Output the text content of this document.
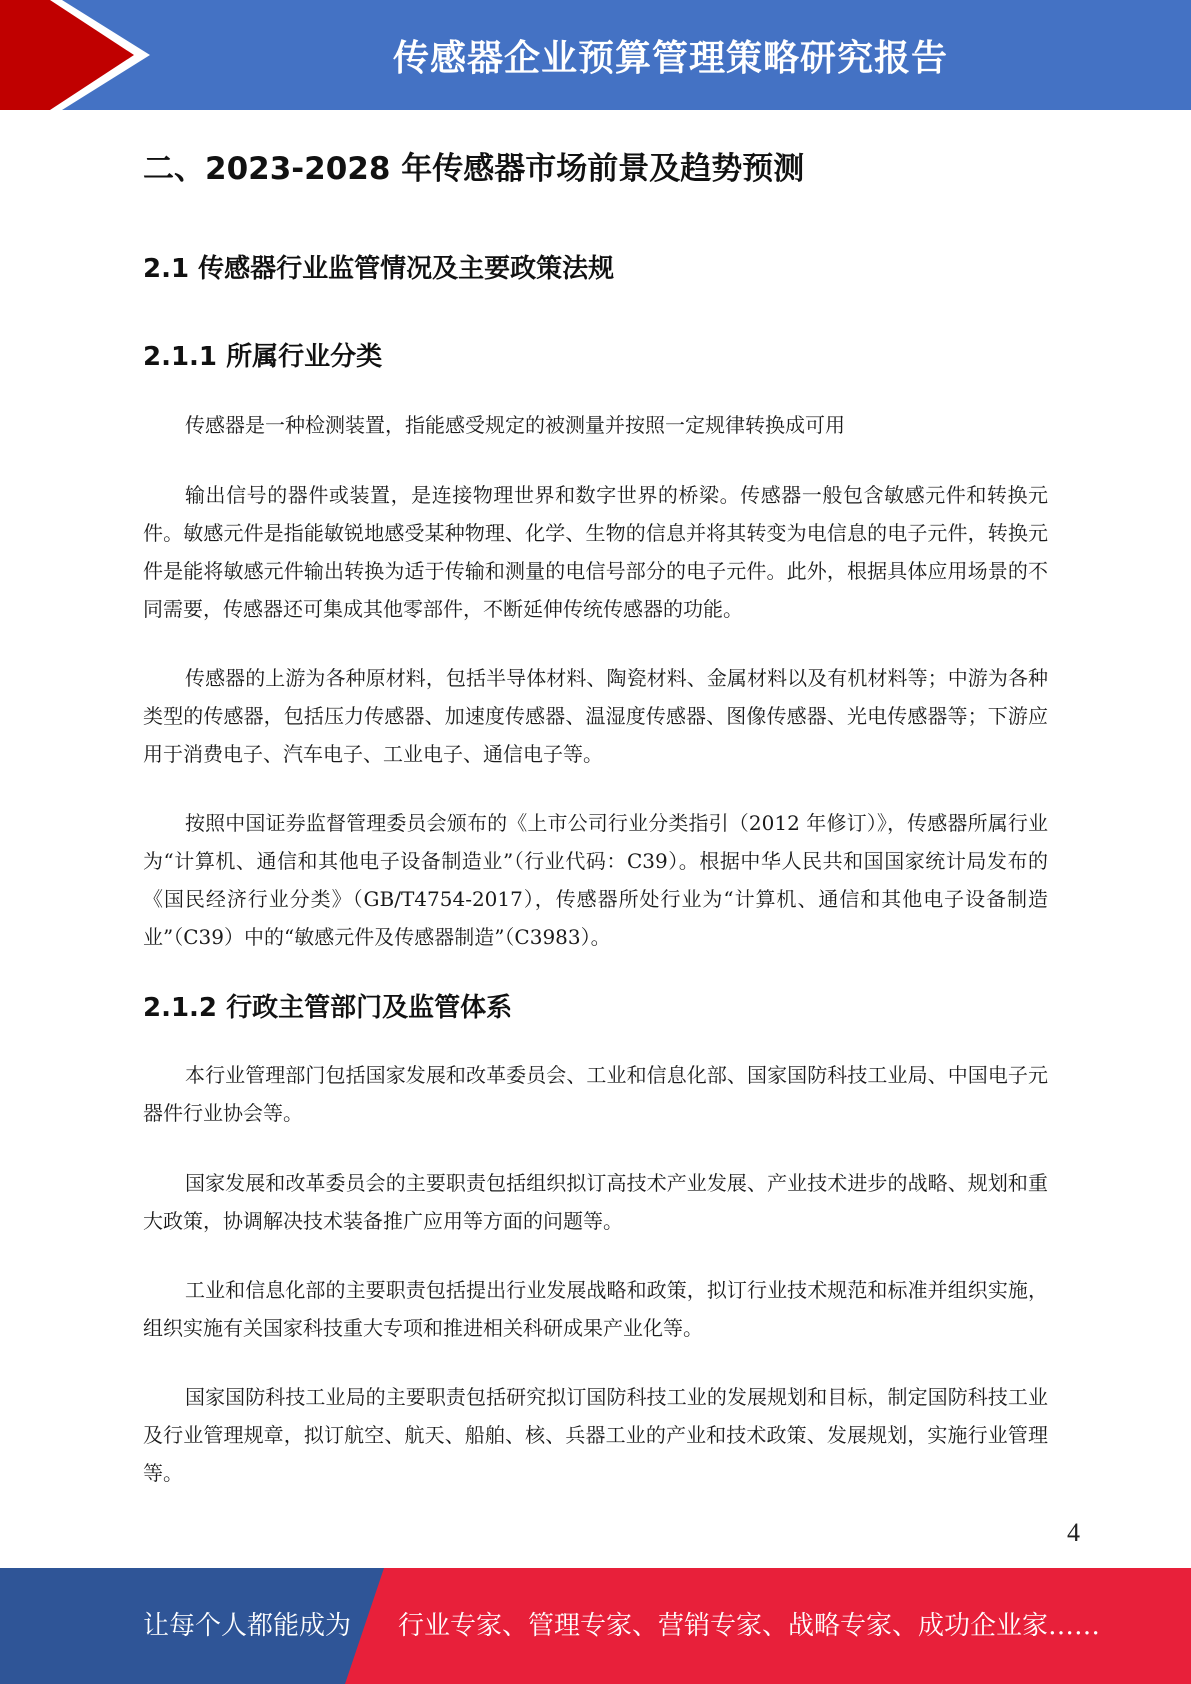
传感器企业预算管理策略研究报告
二、2023-2028 年传感器市场前景及趋势预测
2.1 传感器行业监管情况及主要政策法规
2.1.1 所属行业分类

传感器是一种检测装置，指能感受规定的被测量并按照一定规律转换成可用

输出信号的器件或装置，是连接物理世界和数字世界的桥梁。传感器一般包含敏感元件和转换元件。敏感元件是指能敏锐地感受某种物理、化学、生物的信息并将其转变为电信息的电子元件，转换元件是能将敏感元件输出转换为适于传输和测量的电信号部分的电子元件。此外，根据具体应用场景的不同需要，传感器还可集成其他零部件，不断延伸传统传感器的功能。

传感器的上游为各种原材料，包括半导体材料、陶瓷材料、金属材料以及有机材料等；中游为各种类型的传感器，包括压力传感器、加速度传感器、温湿度传感器、图像传感器、光电传感器等；下游应用于消费电子、汽车电子、工业电子、通信电子等。

按照中国证券监督管理委员会颁布的《上市公司行业分类指引（2012 年修订）》，传感器所属行业为“计算机、通信和其他电子设备制造业”（行业代码：C39）。根据中华人民共和国国家统计局发布的《国民经济行业分类》（GB/T4754-2017），传感器所处行业为“计算机、通信和其他电子设备制造业”（C39）中的“敏感元件及传感器制造”（C3983）。

2.1.2 行政主管部门及监管体系

本行业管理部门包括国家发展和改革委员会、工业和信息化部、国家国防科技工业局、中国电子元器件行业协会等。

国家发展和改革委员会的主要职责包括组织拟订高技术产业发展、产业技术进步的战略、规划和重大政策，协调解决技术装备推广应用等方面的问题等。

工业和信息化部的主要职责包括提出行业发展战略和政策，拟订行业技术规范和标准并组织实施，组织实施有关国家科技重大专项和推进相关科研成果产业化等。

国家国防科技工业局的主要职责包括研究拟订国防科技工业的发展规划和目标，制定国防科技工业及行业管理规章，拟订航空、航天、船舶、核、兵器工业的产业和技术政策、发展规划，实施行业管理等。

4
让每个人都能成为 行业专家、管理专家、营销专家、战略专家、成功企业家……
